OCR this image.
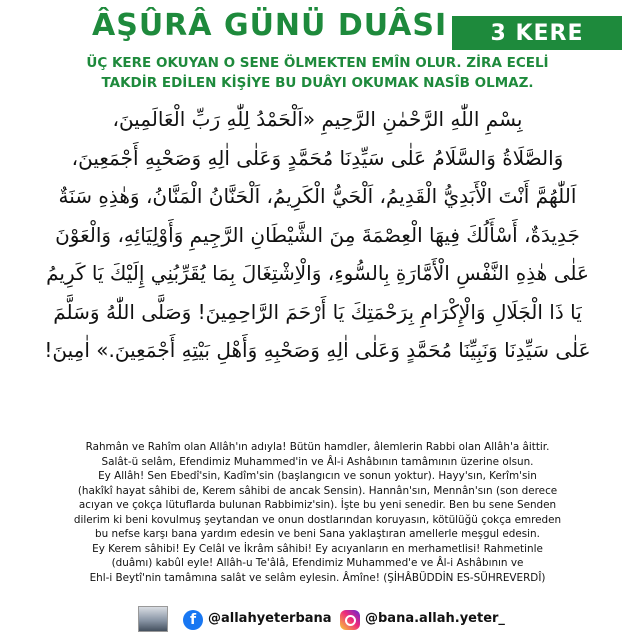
ÂŞÛRÂ GÜNÜ DUÂSI	3 KERE
ÜÇ KERE OKUYAN O SENE ÖLMEKTEN EMÎN OLUR. ZİRA ECELİ
TAKDİR EDİLEN KİŞİYE BU DUÂYI OKUMAK NASÎB OLMAZ.
بِسْمِ اللّٰهِ الرَّحْمٰنِ الرَّحِيمِ «اَلْحَمْدُ لِلّٰهِ رَبِّ الْعَالَمِينَ،
وَالصَّلَاةُ وَالسَّلَامُ عَلٰى سَيِّدِنَا مُحَمَّدٍ وَعَلٰى اٰلِهِ وَصَحْبِهِ أَجْمَعِينَ،
اَللّٰهُمَّ أَنْتَ الْأَبَدِيُّ الْقَدِيمُ، اَلْحَيُّ الْكَرِيمُ، اَلْحَنَّانُ الْمَنَّانُ، وَهٰذِهِ سَنَةٌ
جَدِيدَةٌ، أَسْأَلُكَ فِيهَا الْعِصْمَةَ مِنَ الشَّيْطَانِ الرَّجِيمِ وَأَوْلِيَائِهِ، وَالْعَوْنَ
عَلٰى هٰذِهِ النَّفْسِ الْأَمَّارَةِ بِالسُّوءِ، وَالْاِشْتِغَالَ بِمَا يُقَرِّبُنِي إِلَيْكَ يَا كَرِيمُ
يَا ذَا الْجَلَالِ وَالْإِكْرَامِ بِرَحْمَتِكَ يَا أَرْحَمَ الرَّاحِمِينَ! وَصَلَّى اللّٰهُ وَسَلَّمَ
عَلٰى سَيِّدِنَا وَنَبِيِّنَا مُحَمَّدٍ وَعَلٰى اٰلِهِ وَصَحْبِهِ وَأَهْلِ بَيْتِهِ أَجْمَعِينَ.» اٰمِينَ!
Rahmân ve Rahîm olan Allâh'ın adıyla! Bütün hamdler, âlemlerin Rabbi olan Allâh'a âittir.
Salât-ü selâm, Efendimiz Muhammed'in ve Âl-i Ashâbının tamâmının üzerine olsun.
Ey Allâh! Sen Ebedî'sin, Kadîm'sin (başlangıcın ve sonun yoktur). Hayy'sın, Kerîm'sin
(hakîkî hayat sâhibi de, Kerem sâhibi de ancak Sensin). Hannân'sın, Mennân'sın (son derece
acıyan ve çokça lütuflarda bulunan Rabbimiz'sin). İşte bu yeni senedir. Ben bu sene Senden
dilerim ki beni kovulmuş şeytandan ve onun dostlarından koruyasın, kötülüğü çokça emreden
bu nefse karşı bana yardım edesin ve beni Sana yaklaştıran amellerle meşgul edesin.
Ey Kerem sâhibi! Ey Celâl ve İkrâm sâhibi! Ey acıyanların en merhametlisi! Rahmetinle
(duâmı) kabûl eyle! Allâh-u Te'âlâ, Efendimiz Muhammed'e ve Âl-i Ashâbının ve
Ehl-i Beytî'nin tamâmına salât ve selâm eylesin. Âmîne! (ŞİHÂBÜDDİN ES-SÜHREVERDÎ)
f @allahyeterbana	@bana.allah.yeter_
